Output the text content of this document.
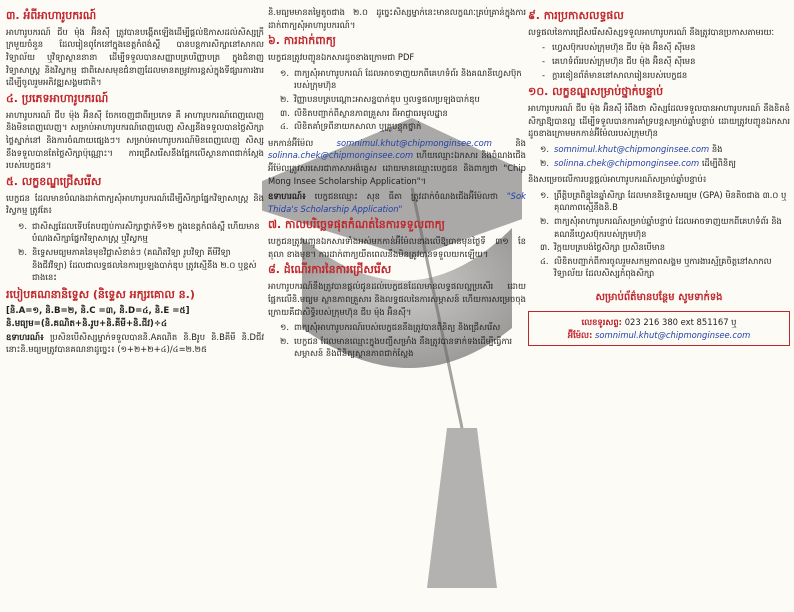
៣. អំពីអាហារូបករណ៍
អាហារូបករណ៍ ជីប ម៉ុង អ៊ិនស៊ី ត្រូវបានបង្កើតឡើងដើម្បីផ្ដល់ឱកាសដល់សិស្សក្រីក្រមួយចំនួន ដែលរៀនពូកែនៅក្នុងខេត្តកំពង់ស្ពឺ បានបន្តការសិក្សានៅសាកលវិទ្យាល័យ ឬវិទ្យាស្ថាននានា ដើម្បីទទួលបានសញ្ញាបត្របរិញ្ញាបត្រ ក្នុងជំនាញវិទ្យាសាស្ត្រ និងវិស្វកម្ម ជាពិសេសមុខជំនាញដែលមានតម្រូវការខ្ពស់ក្នុងទីផ្សារការងារ ដើម្បីចូលរួមអភិវឌ្ឍសង្គមជាតិ។
៤. ប្រភេទអាហារូបករណ៍
អាហារូបករណ៍ ជីប ម៉ុង អ៊ិនស៊ី ចែកចេញជាពីរប្រភេទ គឺ អាហារូបករណ៍ពេញលេញ និងមិនពេញលេញ។ សម្រាប់អាហារូបករណ៍ពេញលេញ សិស្សនឹងទទួលបានថ្លៃសិក្សា ថ្លៃស្នាក់នៅ និងការចំណាយផ្សេងៗ។ សម្រាប់អាហារូបករណ៍មិនពេញលេញ សិស្សនឹងទទួលបានតែថ្លៃសិក្សាប៉ុណ្ណោះ។ ការជ្រើសរើសនឹងផ្អែកលើស្ថានភាពជាក់ស្ដែងរបស់បេក្ខជន។
៥. លក្ខខណ្ឌជ្រើសរើស
បេក្ខជន ដែលមានបំណងដាក់ពាក្យសុំអាហារូបករណ៍ដើម្បីសិក្សាផ្នែកវិទ្យាសាស្ត្រ និងវិស្វកម្ម ត្រូវតែ៖
១. ជាសិស្សដែលទើបតែបញ្ចប់ការសិក្សាថ្នាក់ទី១២ ក្នុងខេត្តកំពង់ស្ពឺ ហើយមានបំណងសិក្សាផ្នែកវិទ្យាសាស្ត្រ ឬវិស្វកម្ម
២. និទ្ទេសមធ្យមភាគនៃមុខវិជ្ជាសំខាន់ៗ (គណិតវិទ្យា រូបវិទ្យា គីមីវិទ្យា និងជីវវិទ្យា) ដែលជាលទ្ធផលនៃការប្រឡងបាក់ឌុប ត្រូវស្មើនឹង ២.០ ឬខ្ពស់ជាងនេះ
របៀបគណនានិទ្ទេស (និទ្ទេស អក្សរគោល ន.)
[និ.A=១, និ.B=២, និ.C =៣, និ.D=៤, និ.E =៥]
និ.មធ្យម=(និ.គណិត+និ.រូប+និ.គីមី+និ.ជីវ)÷៤
ឧទាហរណ៍៖ ប្រសិនបើសិស្សម្នាក់ទទួលបាននិ.Aគណិត និ.Bរូប និ.Bគីមី និ.Dជីវ នោះនិ.មធ្យមត្រូវបានគណនាដូច្នេះ៖ (១+២+២+៤)/៤=២.២៥
និ.មធ្យមមានតម្លៃតូចជាង ២.០ ដូច្នេះសិស្សម្នាក់នេះមានលក្ខណៈគ្រប់គ្រាន់ក្នុងការដាក់ពាក្យសុំអាហារូបករណ៍។
៦. ការដាក់ពាក្យ
បេក្ខជនត្រូវបញ្ជូនឯកសារដូចខាងក្រោមជា PDF
១. ពាក្យសុំអាហារូបករណ៍ ដែលអាចទាញយកពីគេហទំព័រ និងគណនីហ្វេសប៊ុករបស់ក្រុមហ៊ុន
២. វិញ្ញាបនបត្របណ្ដោះអាសន្នបាក់ឌុប ឬលទ្ធផលប្រឡងបាក់ឌុប
៣. លិខិតបញ្ជាក់ពីស្ថានភាពគ្រួសារ ពីអាជ្ញាធរមូលដ្ឋាន
៤. លិខិតគាំទ្រពីនាយកសាលា ឬគ្រូបន្ទុកថ្នាក់
មកកាន់អ៊ីម៉ែល	somnimul.khut@chipmonginsee.com	និង solinna.chek@chipmonginsee.com ហើយឈ្មោះឯកសារ និងចំណងជើងអ៊ីម៉ែលត្រូវសរសេរជាភាសាអង់គ្លេស ដោយមានឈ្មោះបេក្ខជន និងពាក្យថា "Chip Mong Insee Scholarship Application"។
ឧទាហរណ៍៖ បេក្ខជនឈ្មោះ សុខ ធីតា ត្រូវដាក់ចំណងជើងអ៊ីម៉ែលថា "Sok Thida's Scholarship Application"
៧. កាលបរិច្ឆេទផុតកំណត់នៃការទទួលពាក្យ
បេក្ខជនត្រូវបញ្ជូនឯកសារទាំងអស់មកកាន់អ៊ីម៉ែលខាងលើឱ្យបានមុនថ្ងៃទី ៣១ ខែតុលា ខាងមុខ។ ការដាក់ពាក្យយឺតពេលនឹងមិនត្រូវបានទទួលយកឡើយ។
៨. ដំណើរការនៃការជ្រើសរើស
អាហារូបករណ៍នឹងត្រូវបានផ្ដល់ជូនដល់បេក្ខជនដែលមានលទ្ធផលល្អប្រសើរ ដោយផ្អែកលើនិ.មធ្យម ស្ថានភាពគ្រួសារ និងលទ្ធផលនៃការសម្ភាសន៍ ហើយការសម្រេចចុងក្រោយគឺជាសិទ្ធិរបស់ក្រុមហ៊ុន ជីប ម៉ុង អ៊ិនស៊ី។
១. ពាក្យសុំអាហារូបករណ៍របស់បេក្ខជននឹងត្រូវបានពិនិត្យ និងជ្រើសរើស
២. បេក្ខជន ដែលមានឈ្មោះក្នុងបញ្ជីសម្រាំង នឹងត្រូវបានទាក់ទងដើម្បីធ្វើការសម្ភាសន៍ និងពិនិត្យស្ថានភាពជាក់ស្ដែង
៩. ការប្រកាសលទ្ធផល
លទ្ធផលនៃការជ្រើសរើសសិស្សទទួលអាហារូបករណ៍ នឹងត្រូវបានប្រកាសតាមរយៈ
- ហ្វេសប៊ុករបស់ក្រុមហ៊ុន ជីប ម៉ុង អ៊ិនស៊ី ស៊ីមេន
- គេហទំព័ររបស់ក្រុមហ៊ុន ជីប ម៉ុង អ៊ិនស៊ី ស៊ីមេន
- ក្ដារខៀនព័ត៌មាននៅសាលារៀនរបស់បេក្ខជន
១០. លក្ខខណ្ឌសម្រាប់ថ្នាក់បន្ទាប់
អាហារូបករណ៍ ជីប ម៉ុង អ៊ិនស៊ី រំពឹងថា សិស្សដែលទទួលបានអាហារូបករណ៍ នឹងខិតខំសិក្សាឱ្យបានល្អ ដើម្បីទទួលបានការគាំទ្របន្តសម្រាប់ឆ្នាំបន្ទាប់ ដោយត្រូវបញ្ជូនឯកសារដូចខាងក្រោមមកកាន់អ៊ីម៉ែលរបស់ក្រុមហ៊ុន
១. somnimul.khut@chipmonginsee.com និង
២. solinna.chek@chipmonginsee.com ដើម្បីពិនិត្យ
និងសម្រេចលើការបន្តផ្ដល់អាហារូបករណ៍សម្រាប់ឆ្នាំបន្ទាប់៖
១. ព្រឹត្តិបត្រពិន្ទុនៃឆ្នាំសិក្សា ដែលមាននិទ្ទេសមធ្យម (GPA) មិនតិចជាង ៣.០ ឬគុណភាពស្មើនឹងនិ.B
២. ពាក្យសុំអាហារូបករណ៍សម្រាប់ឆ្នាំបន្ទាប់ ដែលអាចទាញយកពីគេហទំព័រ និងគណនីហ្វេសប៊ុករបស់ក្រុមហ៊ុន
៣. វិក្កយបត្របង់ថ្លៃសិក្សា ប្រសិនបើមាន
៤. លិខិតបញ្ជាក់ពីការចូលរួមសកម្មភាពសង្គម ឬការងារស្ម័គ្រចិត្តនៅសាកលវិទ្យាល័យ ដែលសិស្សកំពុងសិក្សា
សម្រាប់ព័ត៌មានបន្ថែម សូមទាក់ទង
លេខទូរសព្ទ: 023 216 380 ext 851167 ឬ
អ៊ីម៉ែល: somnimul.khut@chipmonginsee.com
